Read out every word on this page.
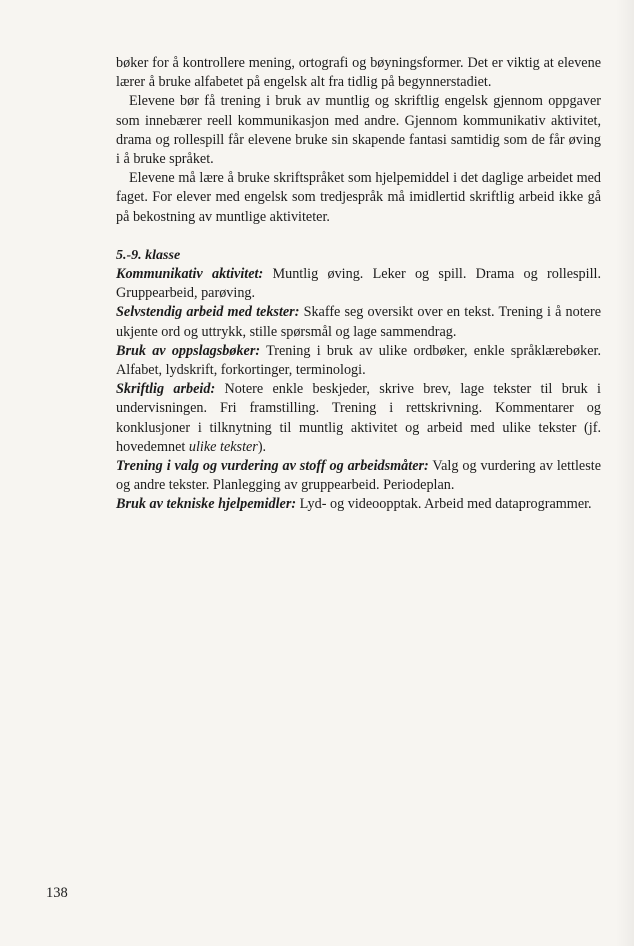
bøker for å kontrollere mening, ortografi og bøyningsformer. Det er viktig at elevene lærer å bruke alfabetet på engelsk alt fra tidlig på begynnerstadiet.

Elevene bør få trening i bruk av muntlig og skriftlig engelsk gjennom oppgaver som innebærer reell kommunikasjon med andre. Gjennom kommunikativ aktivitet, drama og rollespill får elevene bruke sin skapende fantasi samtidig som de får øving i å bruke språket.

Elevene må lære å bruke skriftspråket som hjelpemiddel i det daglige arbeidet med faget. For elever med engelsk som tredjespråk må imidlertid skriftlig arbeid ikke gå på bekostning av muntlige aktiviteter.

5.-9. klasse

Kommunikativ aktivitet: Muntlig øving. Leker og spill. Drama og rollespill. Gruppearbeid, parøving.

Selvstendig arbeid med tekster: Skaffe seg oversikt over en tekst. Trening i å notere ukjente ord og uttrykk, stille spørsmål og lage sammendrag.

Bruk av oppslagsbøker: Trening i bruk av ulike ordbøker, enkle språklærebøker. Alfabet, lydskrift, forkortinger, terminologi.

Skriftlig arbeid: Notere enkle beskjeder, skrive brev, lage tekster til bruk i undervisningen. Fri framstilling. Trening i rettskrivning. Kommentarer og konklusjoner i tilknytning til muntlig aktivitet og arbeid med ulike tekster (jf. hovedemnet ulike tekster).

Trening i valg og vurdering av stoff og arbeidsmåter: Valg og vurdering av lettleste og andre tekster. Planlegging av gruppearbeid. Periodeplan.

Bruk av tekniske hjelpemidler: Lyd- og videoopptak. Arbeid med dataprogrammer.

138
